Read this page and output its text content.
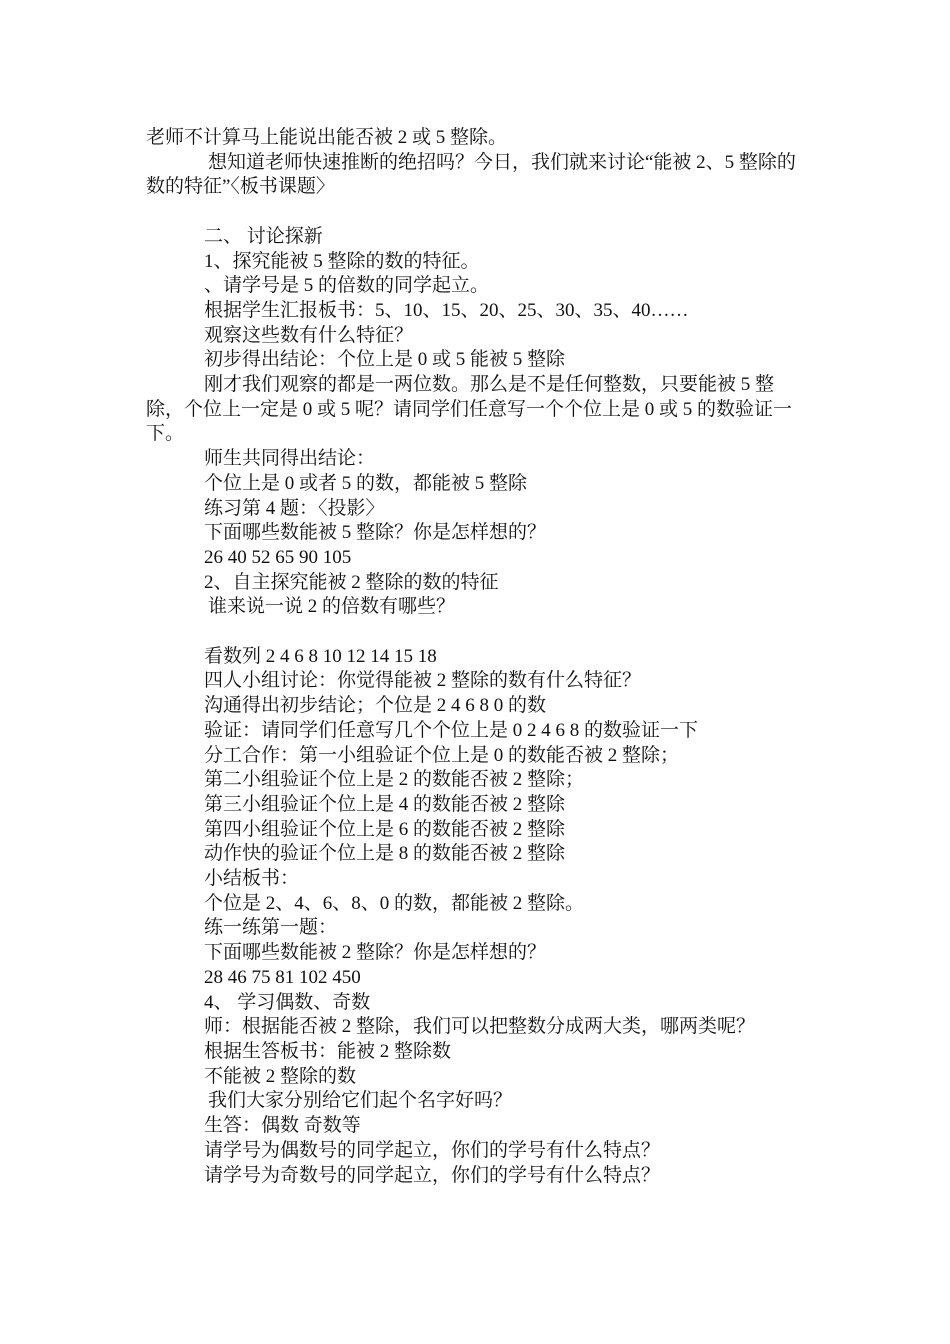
老师不计算马上能说出能否被 2 或 5 整除。

想知道老师快速推断的绝招吗？今日，我们就来讨论“能被 2、5 整除的数的特征”〈板书课题〉

二、 讨论探新

1、探究能被 5 整除的数的特征。

、请学号是 5 的倍数的同学起立。

根据学生汇报板书：5、10、15、20、25、30、35、40……

观察这些数有什么特征？

初步得出结论：个位上是 0 或 5 能被 5 整除

刚才我们观察的都是一两位数。那么是不是任何整数，只要能被 5 整除，个位上一定是 0 或 5 呢？请同学们任意写一个个位上是 0 或 5 的数验证一下。

师生共同得出结论：

个位上是 0 或者 5 的数，都能被 5 整除

练习第 4 题：〈投影〉

下面哪些数能被 5 整除？你是怎样想的？

26 40 52 65 90 105

2、自主探究能被 2 整除的数的特征

谁来说一说 2 的倍数有哪些？

看数列 2 4 6 8 10 12 14 15 18

四人小组讨论：你觉得能被 2 整除的数有什么特征？

沟通得出初步结论；个位是 2 4 6 8 0 的数

验证：请同学们任意写几个个位上是 0 2 4 6 8 的数验证一下

分工合作：第一小组验证个位上是 0 的数能否被 2 整除；

第二小组验证个位上是 2 的数能否被 2 整除；

第三小组验证个位上是 4 的数能否被 2 整除

第四小组验证个位上是 6 的数能否被 2 整除

动作快的验证个位上是 8 的数能否被 2 整除

小结板书：

个位是 2、4、6、8、0 的数，都能被 2 整除。

练一练第一题：

下面哪些数能被 2 整除？你是怎样想的？

28 46 75 81 102 450

4、 学习偶数、奇数

师：根据能否被 2 整除，我们可以把整数分成两大类，哪两类呢？

根据生答板书：能被 2 整除数

不能被 2 整除的数

我们大家分别给它们起个名字好吗？

生答：偶数 奇数等

请学号为偶数号的同学起立，你们的学号有什么特点？

请学号为奇数号的同学起立，你们的学号有什么特点？
